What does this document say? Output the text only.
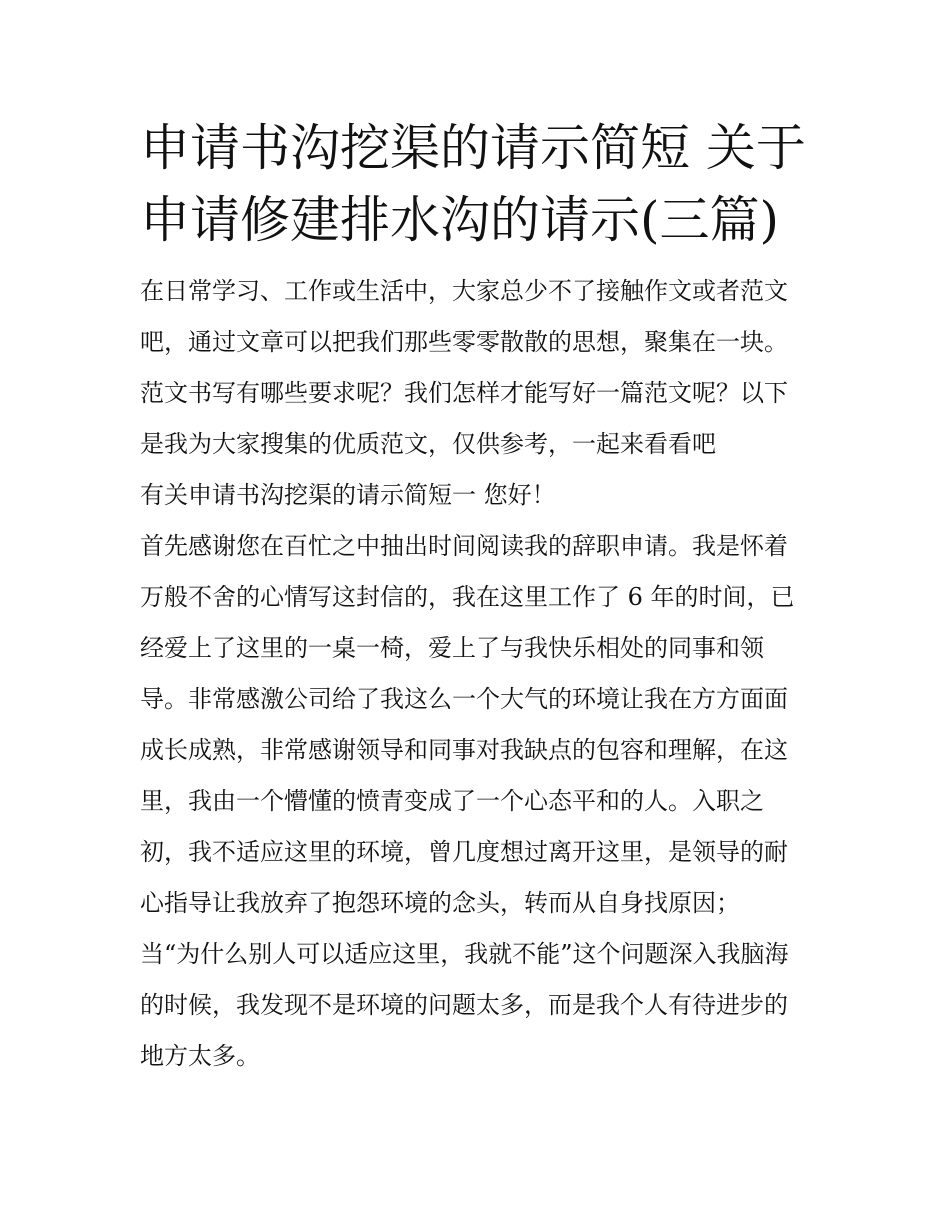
申请书沟挖渠的请示简短 关于
申请修建排水沟的请示(三篇)
在日常学习、工作或生活中，大家总少不了接触作文或者范文
吧，通过文章可以把我们那些零零散散的思想，聚集在一块。
范文书写有哪些要求呢？我们怎样才能写好一篇范文呢？以下
是我为大家搜集的优质范文，仅供参考，一起来看看吧
有关申请书沟挖渠的请示简短一 您好！
首先感谢您在百忙之中抽出时间阅读我的辞职申请。我是怀着
万般不舍的心情写这封信的，我在这里工作了 6 年的时间，已
经爱上了这里的一桌一椅，爱上了与我快乐相处的同事和领
导。非常感激公司给了我这么一个大气的环境让我在方方面面
成长成熟，非常感谢领导和同事对我缺点的包容和理解，在这
里，我由一个懵懂的愤青变成了一个心态平和的人。入职之
初，我不适应这里的环境，曾几度想过离开这里，是领导的耐
心指导让我放弃了抱怨环境的念头，转而从自身找原因；
当“为什么别人可以适应这里，我就不能”这个问题深入我脑海
的时候，我发现不是环境的问题太多，而是我个人有待进步的
地方太多。
